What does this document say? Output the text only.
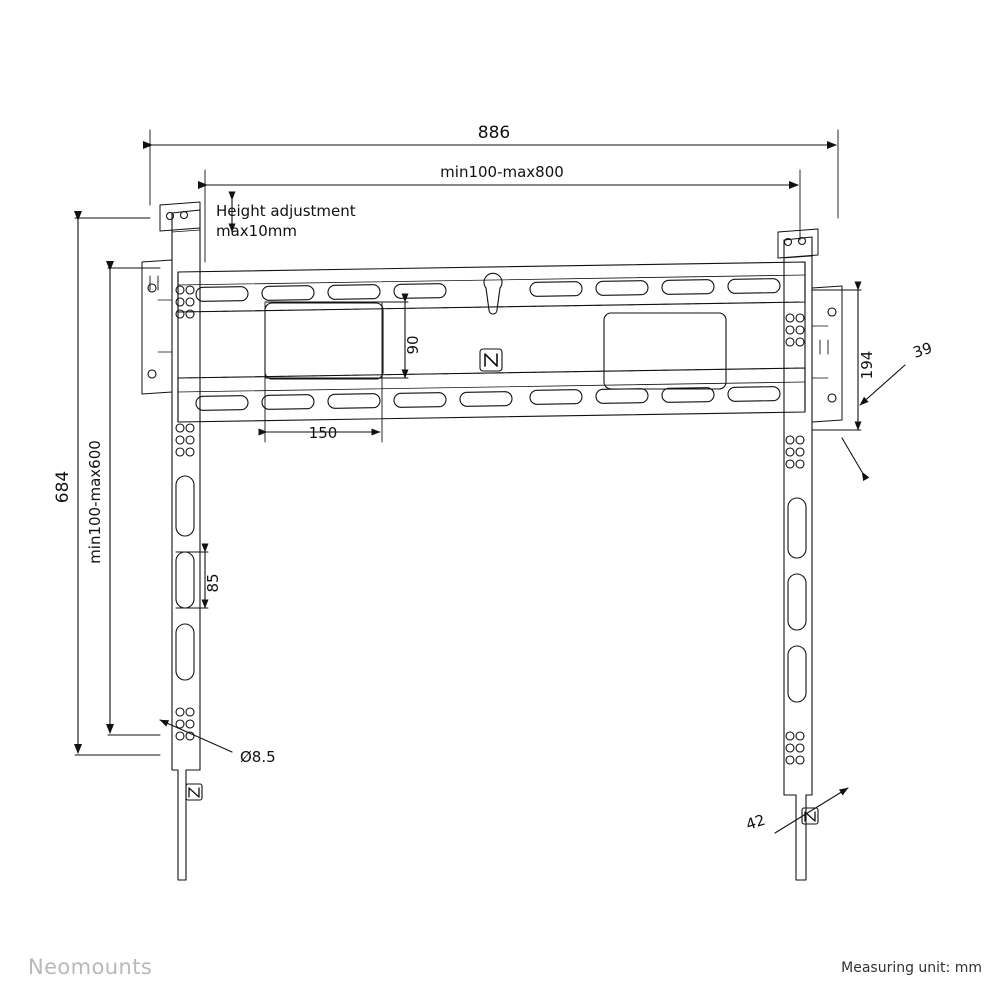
886
min100-max800
Height adjustment
max10mm
684 min100-max600
90
150
85
Ø8.5
194
39
42
Neomounts	Measuring unit: mm
